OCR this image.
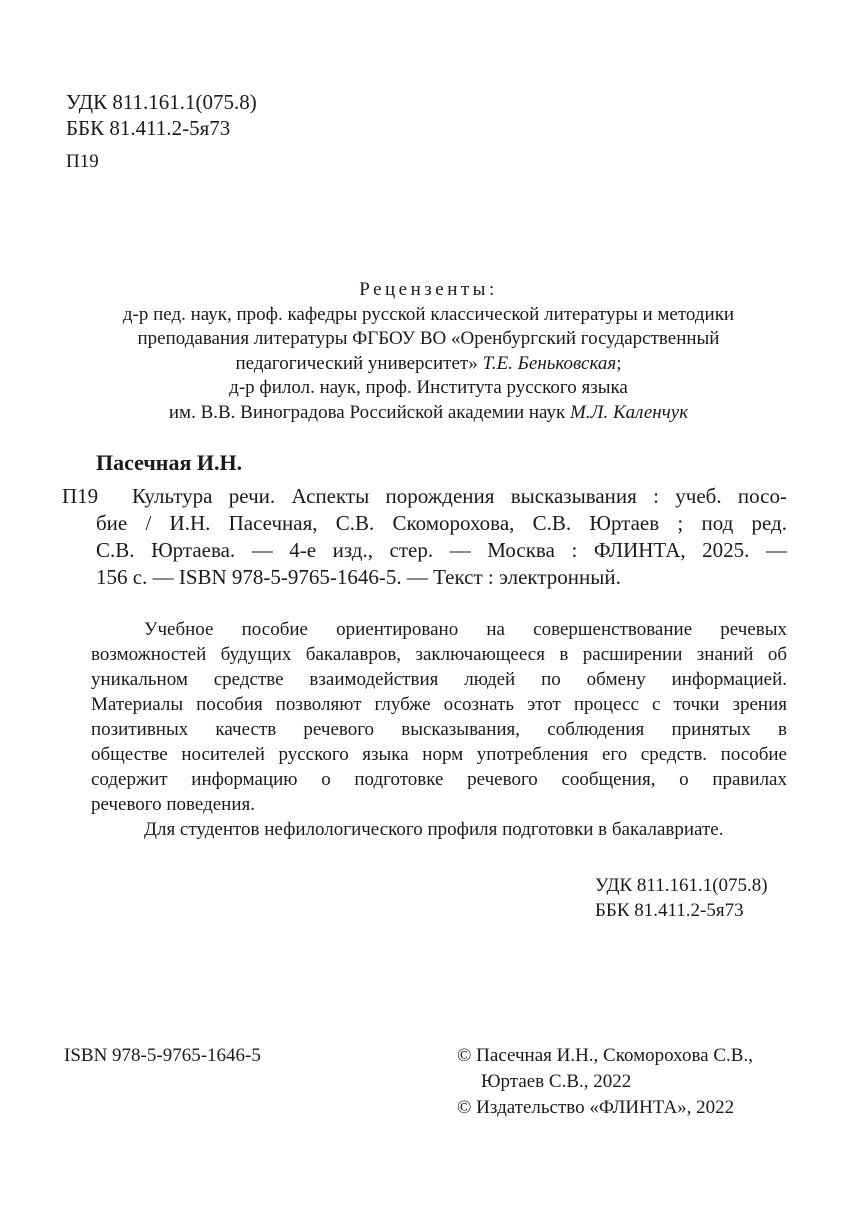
УДК 811.161.1(075.8)
ББК 81.411.2-5я73
П19
Рецензенты:
д-р пед. наук, проф. кафедры русской классической литературы и методики
преподавания литературы ФГБОУ ВО «Оренбургский государственный
педагогический университет» Т.Е. Беньковская;
д-р филол. наук, проф. Института русского языка
им. В.В. Виноградова Российской академии наук М.Л. Каленчук
Пасечная И.Н.
П19	Культура речи. Аспекты порождения высказывания : учеб. посо-
бие / И.Н. Пасечная, С.В. Скоморохова, С.В. Юртаев ; под ред.
С.В. Юртаева. — 4-е изд., стер. — Москва : ФЛИНТА, 2025. —
156 с. — ISBN 978-5-9765-1646-5. — Текст : электронный.
Учебное пособие ориентировано на совершенствование речевых
возможностей будущих бакалавров, заключающееся в расширении знаний об
уникальном средстве взаимодействия людей по обмену информацией.
Материалы пособия позволяют глубже осознать этот процесс с точки зрения
позитивных качеств речевого высказывания, соблюдения принятых в
обществе носителей русского языка норм употребления его средств. пособие
содержит информацию о подготовке речевого сообщения, о правилах
речевого поведения.
Для студентов нефилологического профиля подготовки в бакалавриате.
УДК 811.161.1(075.8)
ББК 81.411.2-5я73
ISBN 978-5-9765-1646-5	© Пасечная И.Н., Скоморохова С.В.,
Юртаев С.В., 2022
© Издательство «ФЛИНТА», 2022
